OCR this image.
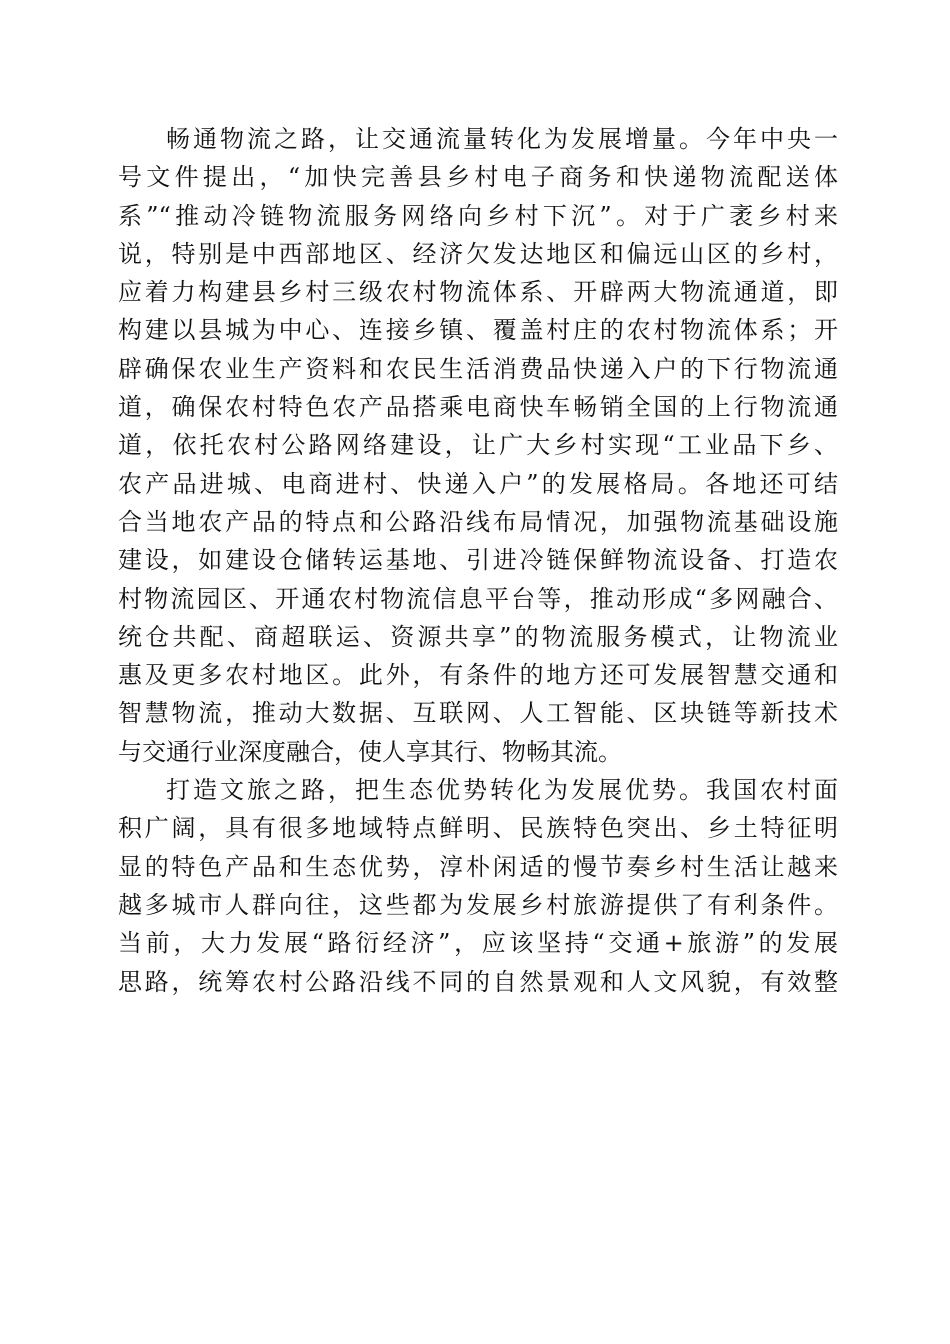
畅通物流之路，让交通流量转化为发展增量。今年中央一
号文件提出，“加快完善县乡村电子商务和快递物流配送体
系”“推动冷链物流服务网络向乡村下沉”。对于广袤乡村来
说，特别是中西部地区、经济欠发达地区和偏远山区的乡村，
应着力构建县乡村三级农村物流体系、开辟两大物流通道，即
构建以县城为中心、连接乡镇、覆盖村庄的农村物流体系；开
辟确保农业生产资料和农民生活消费品快递入户的下行物流通
道，确保农村特色农产品搭乘电商快车畅销全国的上行物流通
道，依托农村公路网络建设，让广大乡村实现“工业品下乡、
农产品进城、电商进村、快递入户”的发展格局。各地还可结
合当地农产品的特点和公路沿线布局情况，加强物流基础设施
建设，如建设仓储转运基地、引进冷链保鲜物流设备、打造农
村物流园区、开通农村物流信息平台等，推动形成“多网融合、
统仓共配、商超联运、资源共享”的物流服务模式，让物流业
惠及更多农村地区。此外，有条件的地方还可发展智慧交通和
智慧物流，推动大数据、互联网、人工智能、区块链等新技术
与交通行业深度融合，使人享其行、物畅其流。
打造文旅之路，把生态优势转化为发展优势。我国农村面
积广阔，具有很多地域特点鲜明、民族特色突出、乡土特征明
显的特色产品和生态优势，淳朴闲适的慢节奏乡村生活让越来
越多城市人群向往，这些都为发展乡村旅游提供了有利条件。
当前，大力发展“路衍经济”，应该坚持“交通+旅游”的发展
思路，统筹农村公路沿线不同的自然景观和人文风貌，有效整
